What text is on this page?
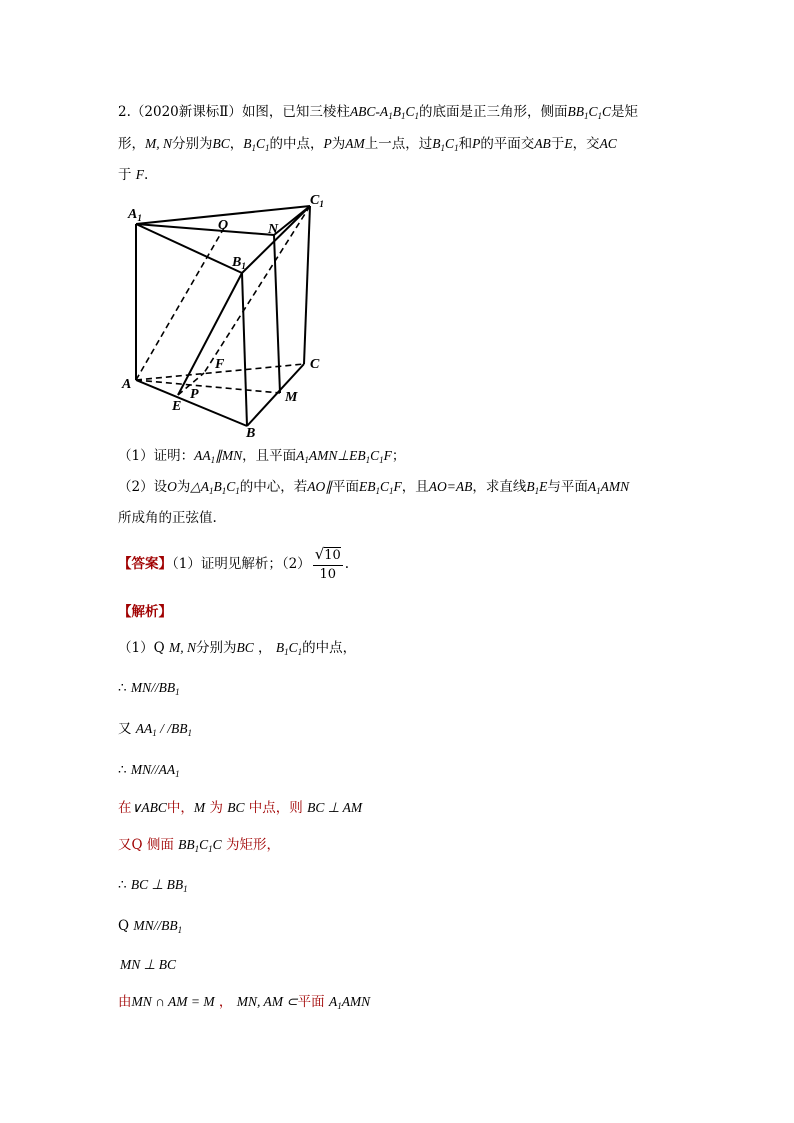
2.（2020新课标Ⅱ）如图，已知三棱柱ABC-$A_1B_1C_1$的底面是正三角形，侧面$BB_1C_1C$是矩
形，M, N分别为BC，$B_1C_1$的中点，P为AM上一点，过$B_1C_1$和P的平面交AB于E，交AC
于 F.
$A_1$	O	N
$C_1$
$B_1$
F	C
A
P
E
M
B
（1）证明：$AA_1\parallel MN$，且平面$A_1AMN\perp EB_1C_1F$；
（2）设O为$\triangle A_1B_1C_1$的中心，若AO∥平面$EB_1C_1F$，且AO=AB，求直线$B_1E$与平面$A_1AMN$
所成角的正弦值.
【答案】（1）证明见解析；$(2) \frac{√10}{10}$ .
【解析】
（1）Q M, N分别为BC ， $B_1C_1$的中点，
∴ $MN//BB_1$
又 $AA_1 / /BB_1$
∴ $MN//AA_1$
在∨ABC中，M 为 BC 中点，则 BC ⊥ AM
又Q 侧面 $BB_1C_1C$ 为矩形，
∴ BC ⊥ $BB_1$
Q $MN//BB_1$
MN ⊥ BC
由MN ∩ AM = M ， MN, AM ⊂平面 $A_1AMN$
